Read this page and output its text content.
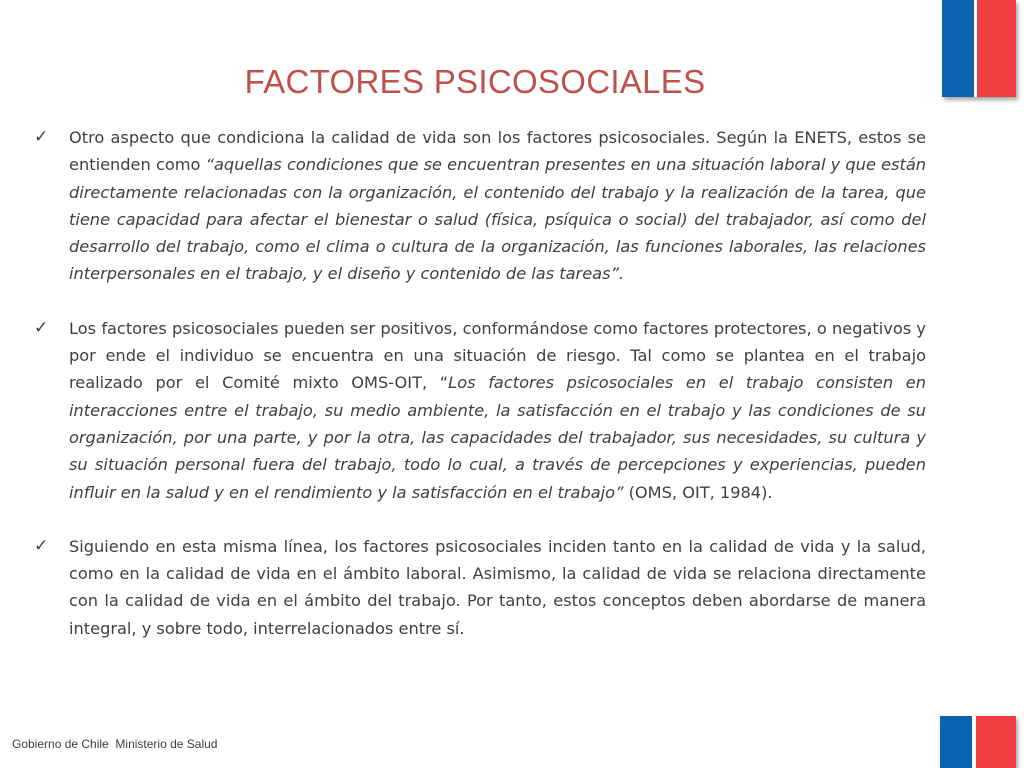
FACTORES PSICOSOCIALES
✓	Otro aspecto que condiciona la calidad de vida son los factores psicosociales. Según la ENETS, estos se entienden como “aquellas condiciones que se encuentran presentes en una situación laboral y que están directamente relacionadas con la organización, el contenido del trabajo y la realización de la tarea, que tiene capacidad para afectar el bienestar o salud (física, psíquica o social) del trabajador, así como del desarrollo del trabajo, como el clima o cultura de la organización, las funciones laborales, las relaciones interpersonales en el trabajo, y el diseño y contenido de las tareas”.

✓	Los factores psicosociales pueden ser positivos, conformándose como factores protectores, o negativos y por ende el individuo se encuentra en una situación de riesgo. Tal como se plantea en el trabajo realizado por el Comité mixto OMS-OIT, “Los factores psicosociales en el trabajo consisten en interacciones entre el trabajo, su medio ambiente, la satisfacción en el trabajo y las condiciones de su organización, por una parte, y por la otra, las capacidades del trabajador, sus necesidades, su cultura y su situación personal fuera del trabajo, todo lo cual, a través de percepciones y experiencias, pueden influir en la salud y en el rendimiento y la satisfacción en el trabajo” (OMS, OIT, 1984).

✓	Siguiendo en esta misma línea, los factores psicosociales inciden tanto en la calidad de vida y la salud, como en la calidad de vida en el ámbito laboral. Asimismo, la calidad de vida se relaciona directamente con la calidad de vida en el ámbito del trabajo. Por tanto, estos conceptos deben abordarse de manera integral, y sobre todo, interrelacionados entre sí.

Gobierno de Chile Ministerio de Salud
